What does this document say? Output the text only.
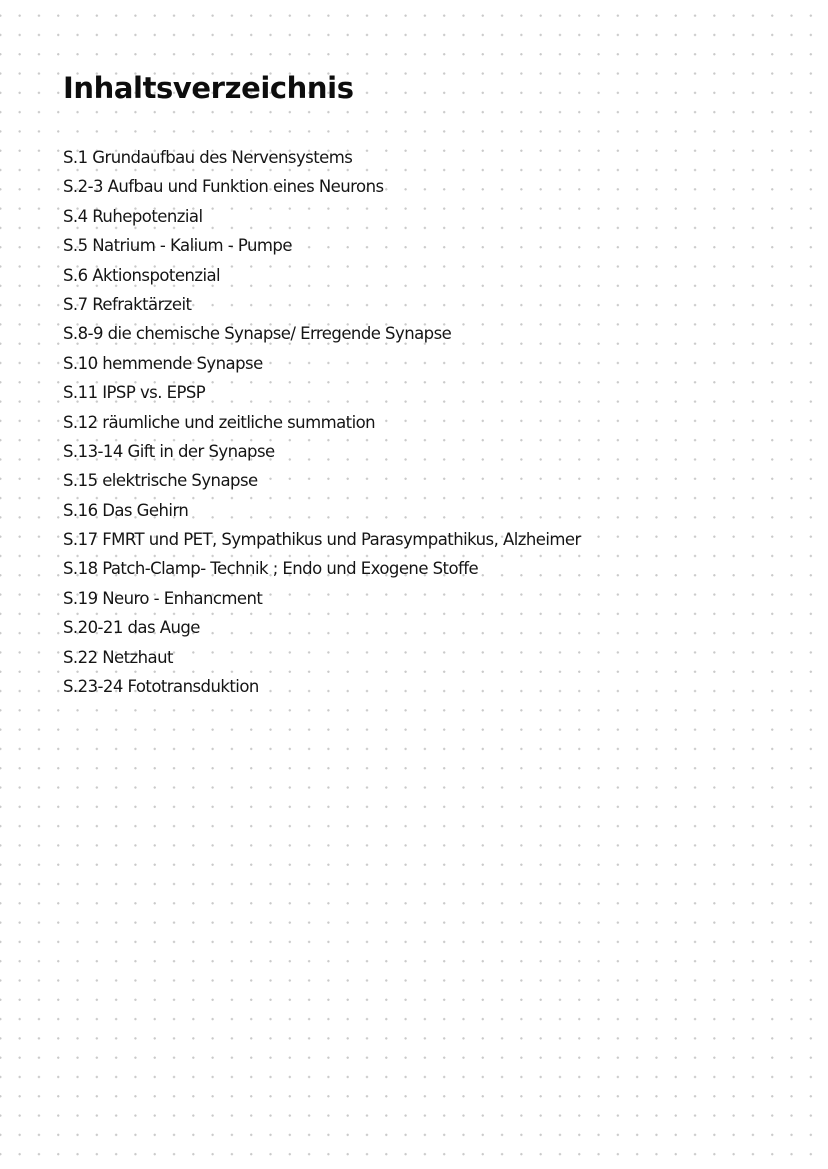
Inhaltsverzeichnis
S.1 Grundaufbau des Nervensystems
S.2-3 Aufbau und Funktion eines Neurons
S.4 Ruhepotenzial
S.5 Natrium - Kalium - Pumpe
S.6 Aktionspotenzial
S.7 Refraktärzeit
S.8-9 die chemische Synapse/ Erregende Synapse
S.10 hemmende Synapse
S.11 IPSP vs. EPSP
S.12 räumliche und zeitliche summation
S.13-14 Gift in der Synapse
S.15 elektrische Synapse
S.16 Das Gehirn
S.17 FMRT und PET, Sympathikus und Parasympathikus, Alzheimer
S.18 Patch-Clamp- Technik ; Endo und Exogene Stoffe
S.19 Neuro - Enhancment
S.20-21 das Auge
S.22 Netzhaut
S.23-24 Fototransduktion
